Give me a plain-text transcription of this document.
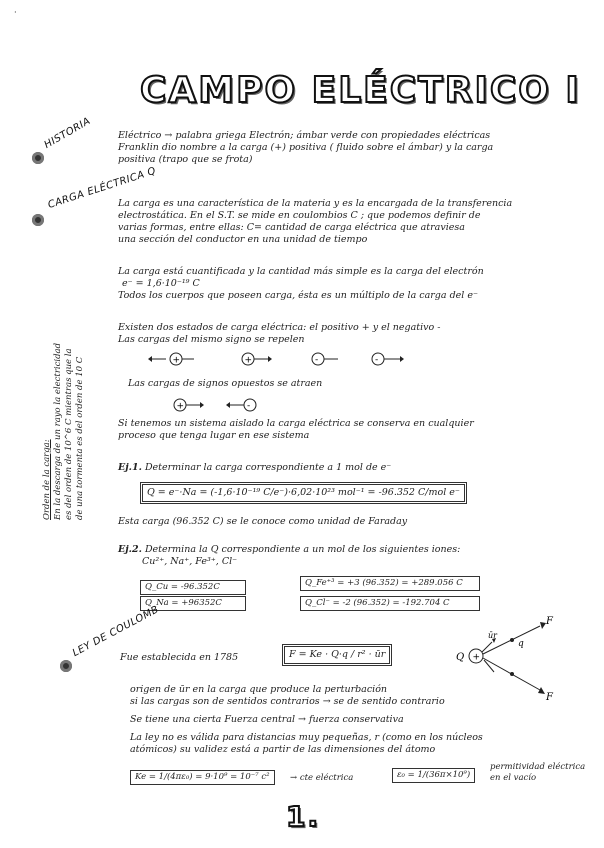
·
CAMPO ELÉCTRICO I
HISTORIA	Eléctrico → palabra griega Electrón; ámbar verde con propiedades eléctricas
Franklin dio nombre a la carga (+) positiva ( fluido sobre el ámbar) y la carga
positiva (trapo que se frota)
CARGA ELÉCTRICA Q
La carga es una característica de la materia y es la encargada de la transferencia
electrostática. En el S.T. se mide en coulombios C ; que podemos definir de
varias formas, entre ellas: C= cantidad de carga eléctrica que atraviesa
una sección del conductor en una unidad de tiempo
La carga está cuantificada y la cantidad más simple es la carga del electrón
e⁻ = 1,6·10⁻¹⁹ C
Todos los cuerpos que poseen carga, ésta es un múltiplo de la carga del e⁻
Orden de la carga: En la descarga de un rayo la electricidad es del orden de 10^6 C mientras que la de una tormenta es del orden de 10 C
Existen dos estados de carga eléctrica: el positivo + y el negativo -
Las cargas del mismo signo se repelen
+	+	-	-
Las cargas de signos opuestos se atraen
+	-
Si tenemos un sistema aislado la carga eléctrica se conserva en cualquier
proceso que tenga lugar en ese sistema
Ej.1. Determinar la carga correspondiente a 1 mol de e⁻
Q = e⁻·Na = (-1,6·10⁻¹⁹ C/e⁻)·6,02·10²³ mol⁻¹ = -96.352 C/mol e⁻
Esta carga (96.352 C) se le conoce como unidad de Faraday
Ej.2. Determina la Q correspondiente a un mol de los siguientes iones:
Cu²⁺, Na⁺, Fe³⁺, Cl⁻
Q_Cu = -96.352C
Q_Na = +96352C
Q_Fe⁺³ = +3 (96.352) = +289.056 C
Q_Cl⁻ = -2 (96.352) = -192.704 C
LEY DE COULOMB
Fue establecida en 1785	F = Ke · Q·q / r² · ūr	+
Q
F
F
q
ūr
origen de ūr en la carga que produce la perturbación
si las cargas son de sentidos contrarios → se de sentido contrario
Se tiene una cierta Fuerza central → fuerza conservativa
La ley no es válida para distancias muy pequeñas, r (como en los núcleos
atómicos) su validez está a partir de las dimensiones del átomo
Ke = 1/(4πε₀) = 9·10⁹ = 10⁻⁷ c²	→ cte eléctrica	ε₀ = 1/(36π×10⁹)
permitividad eléctrica en el vacío
1.
